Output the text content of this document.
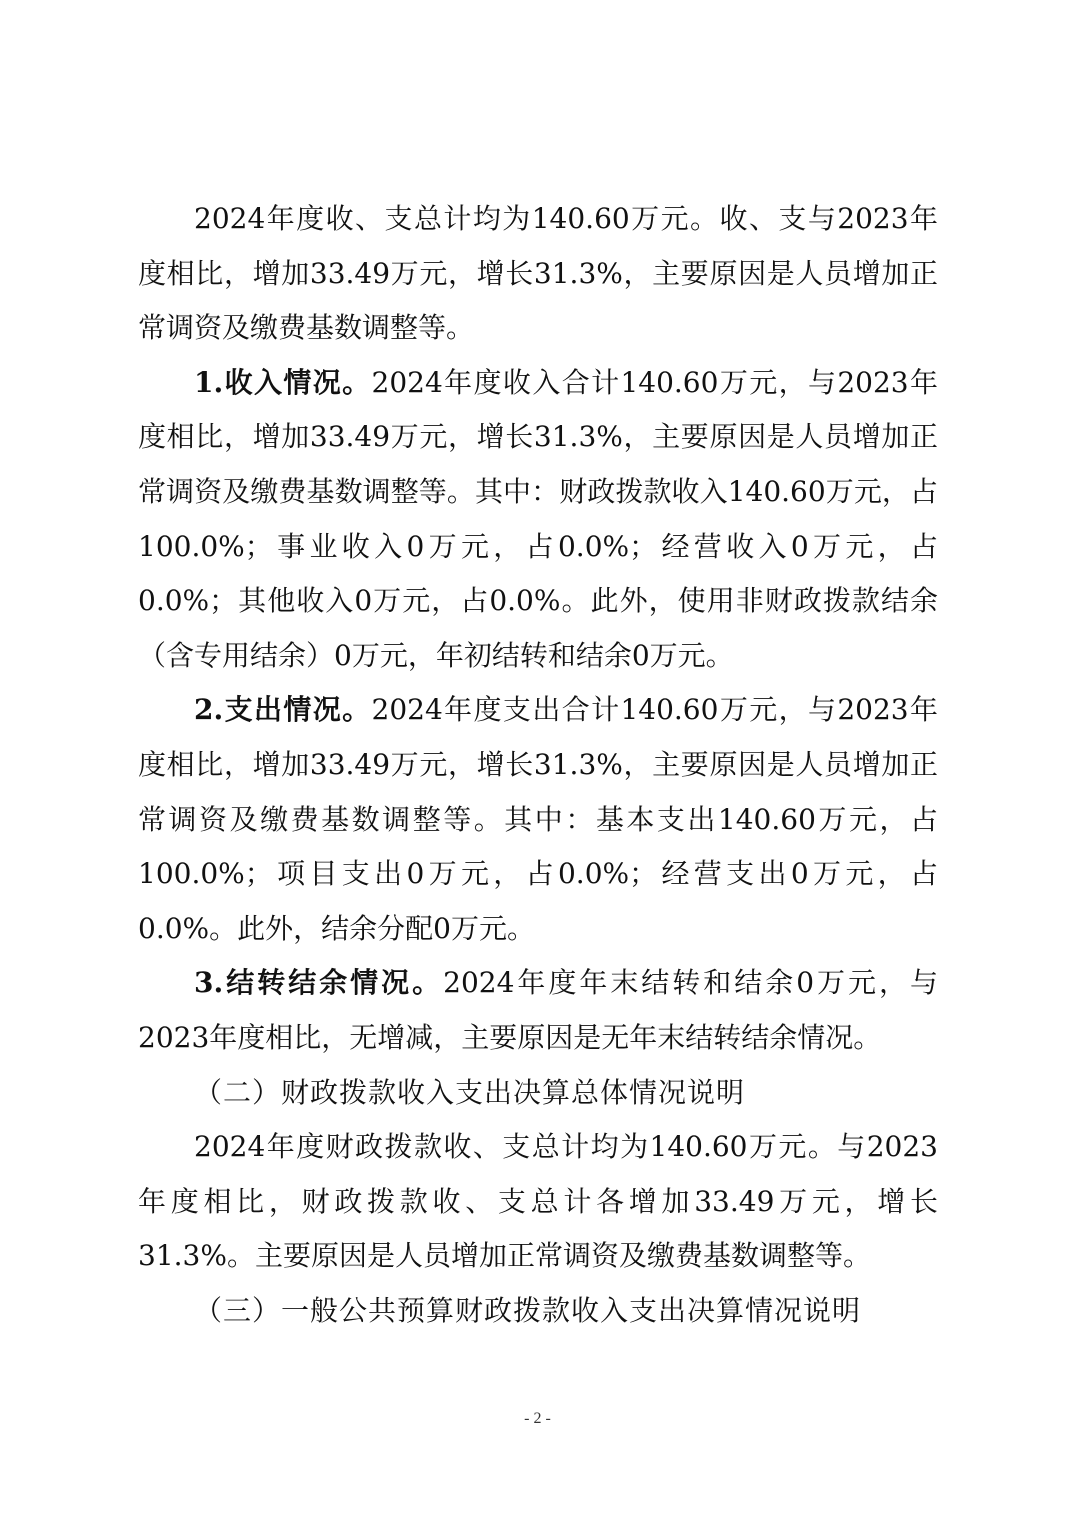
2024年度收、支总计均为140.60万元。收、支与2023年度相比，增加33.49万元，增长31.3%，主要原因是人员增加正常调资及缴费基数调整等。

1.收入情况。2024年度收入合计140.60万元，与2023年度相比，增加33.49万元，增长31.3%，主要原因是人员增加正常调资及缴费基数调整等。其中：财政拨款收入140.60万元，占100.0%；事业收入0万元，占0.0%；经营收入0万元，占0.0%；其他收入0万元，占0.0%。此外，使用非财政拨款结余（含专用结余）0万元，年初结转和结余0万元。

2.支出情况。2024年度支出合计140.60万元，与2023年度相比，增加33.49万元，增长31.3%，主要原因是人员增加正常调资及缴费基数调整等。其中：基本支出140.60万元，占100.0%；项目支出0万元，占0.0%；经营支出0万元，占0.0%。此外，结余分配0万元。

3.结转结余情况。2024年度年末结转和结余0万元，与2023年度相比，无增减，主要原因是无年末结转结余情况。

（二）财政拨款收入支出决算总体情况说明

2024年度财政拨款收、支总计均为140.60万元。与2023年度相比，财政拨款收、支总计各增加33.49万元，增长31.3%。主要原因是人员增加正常调资及缴费基数调整等。

（三）一般公共预算财政拨款收入支出决算情况说明

- 2 -
